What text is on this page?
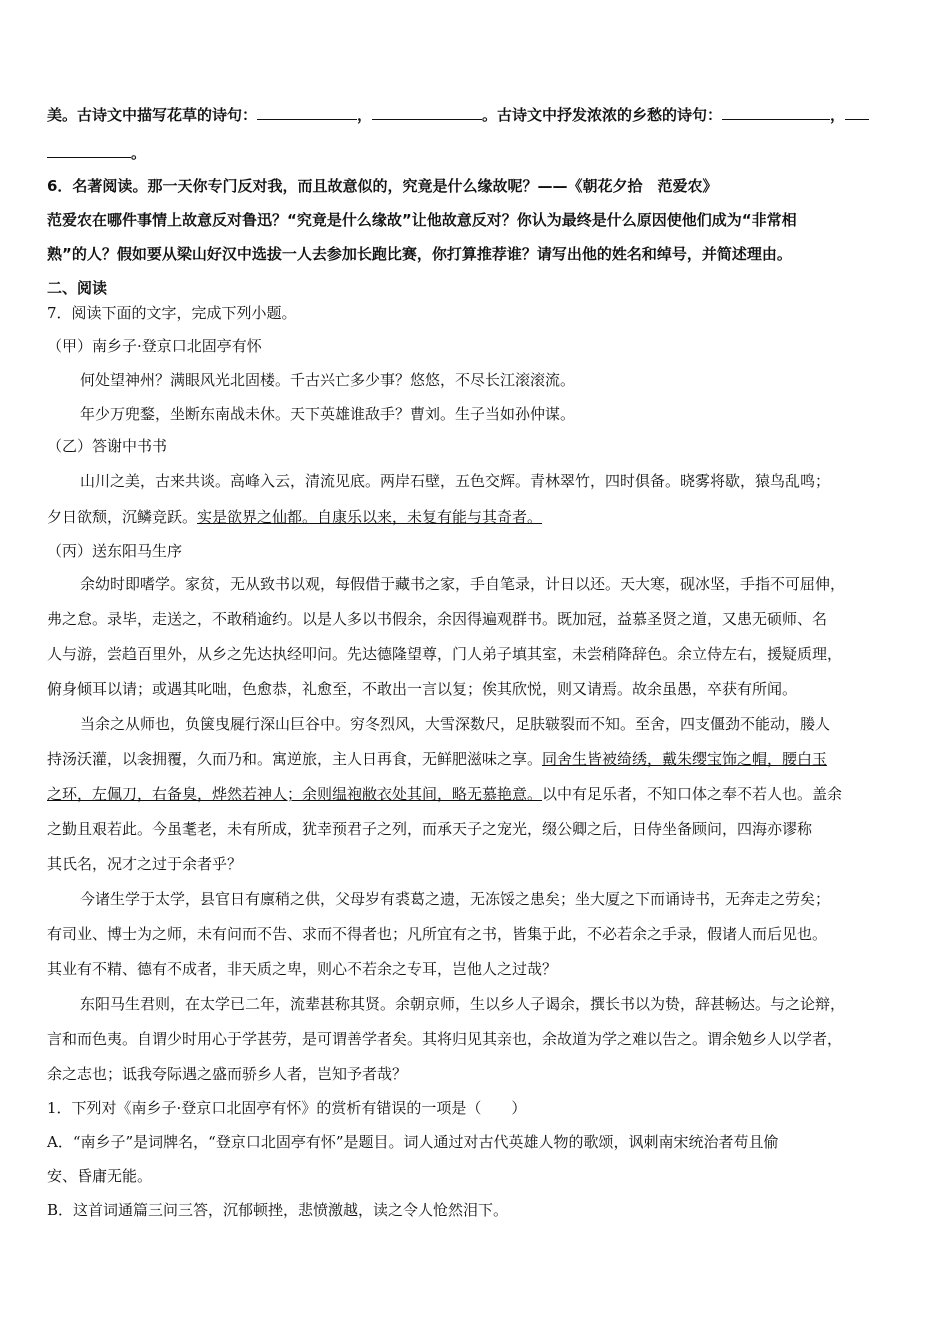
美。古诗文中描写花草的诗句：	，	。古诗文中抒发浓浓的乡愁的诗句：	，
。
6．名著阅读。那一天你专门反对我，而且故意似的，究竟是什么缘故呢？——《朝花夕拾　范爱农》
范爱农在哪件事情上故意反对鲁迅？“究竟是什么缘故”让他故意反对？你认为最终是什么原因使他们成为“非常相
熟”的人？假如要从梁山好汉中选拔一人去参加长跑比赛，你打算推荐谁？请写出他的姓名和绰号，并简述理由。
二、阅读
7．阅读下面的文字，完成下列小题。
（甲）南乡子·登京口北固亭有怀
何处望神州？满眼风光北固楼。千古兴亡多少事？悠悠，不尽长江滚滚流。
年少万兜鍪，坐断东南战未休。天下英雄谁敌手？曹刘。生子当如孙仲谋。
（乙）答谢中书书
山川之美，古来共谈。高峰入云，清流见底。两岸石壁，五色交辉。青林翠竹，四时俱备。晓雾将歇，猿鸟乱鸣；
夕日欲颓，沉鳞竞跃。实是欲界之仙都。自康乐以来，未复有能与其奇者。
（丙）送东阳马生序
余幼时即嗜学。家贫，无从致书以观，每假借于藏书之家，手自笔录，计日以还。天大寒，砚冰坚，手指不可屈伸，
弗之怠。录毕，走送之，不敢稍逾约。以是人多以书假余，余因得遍观群书。既加冠，益慕圣贤之道，又患无硕师、名
人与游，尝趋百里外，从乡之先达执经叩问。先达德隆望尊，门人弟子填其室，未尝稍降辞色。余立侍左右，援疑质理，
俯身倾耳以请；或遇其叱咄，色愈恭，礼愈至，不敢出一言以复；俟其欣悦，则又请焉。故余虽愚，卒获有所闻。
当余之从师也，负箧曳屣行深山巨谷中。穷冬烈风，大雪深数尺，足肤皲裂而不知。至舍，四支僵劲不能动，媵人
持汤沃灌，以衾拥覆，久而乃和。寓逆旅，主人日再食，无鲜肥滋味之享。同舍生皆被绮绣，戴朱缨宝饰之帽，腰白玉
之环，左佩刀，右备臭，烨然若神人；余则缊袍敝衣处其间，略无慕艳意。以中有足乐者，不知口体之奉不若人也。盖余
之勤且艰若此。今虽耄老，未有所成，犹幸预君子之列，而承天子之宠光，缀公卿之后，日侍坐备顾问，四海亦谬称
其氏名，况才之过于余者乎？
今诸生学于太学，县官日有廪稍之供，父母岁有裘葛之遗，无冻馁之患矣；坐大厦之下而诵诗书，无奔走之劳矣；
有司业、博士为之师，未有问而不告、求而不得者也；凡所宜有之书，皆集于此，不必若余之手录，假诸人而后见也。
其业有不精、德有不成者，非天质之卑，则心不若余之专耳，岂他人之过哉？
东阳马生君则，在太学已二年，流辈甚称其贤。余朝京师，生以乡人子谒余，撰长书以为贽，辞甚畅达。与之论辩，
言和而色夷。自谓少时用心于学甚劳，是可谓善学者矣。其将归见其亲也，余故道为学之难以告之。谓余勉乡人以学者，
余之志也；诋我夸际遇之盛而骄乡人者，岂知予者哉？
1．下列对《南乡子·登京口北固亭有怀》的赏析有错误的一项是（　　）
A．“南乡子”是词牌名，“登京口北固亭有怀”是题目。词人通过对古代英雄人物的歌颂，讽刺南宋统治者苟且偷
安、昏庸无能。
B．这首词通篇三问三答，沉郁顿挫，悲愤激越，读之令人怆然泪下。
